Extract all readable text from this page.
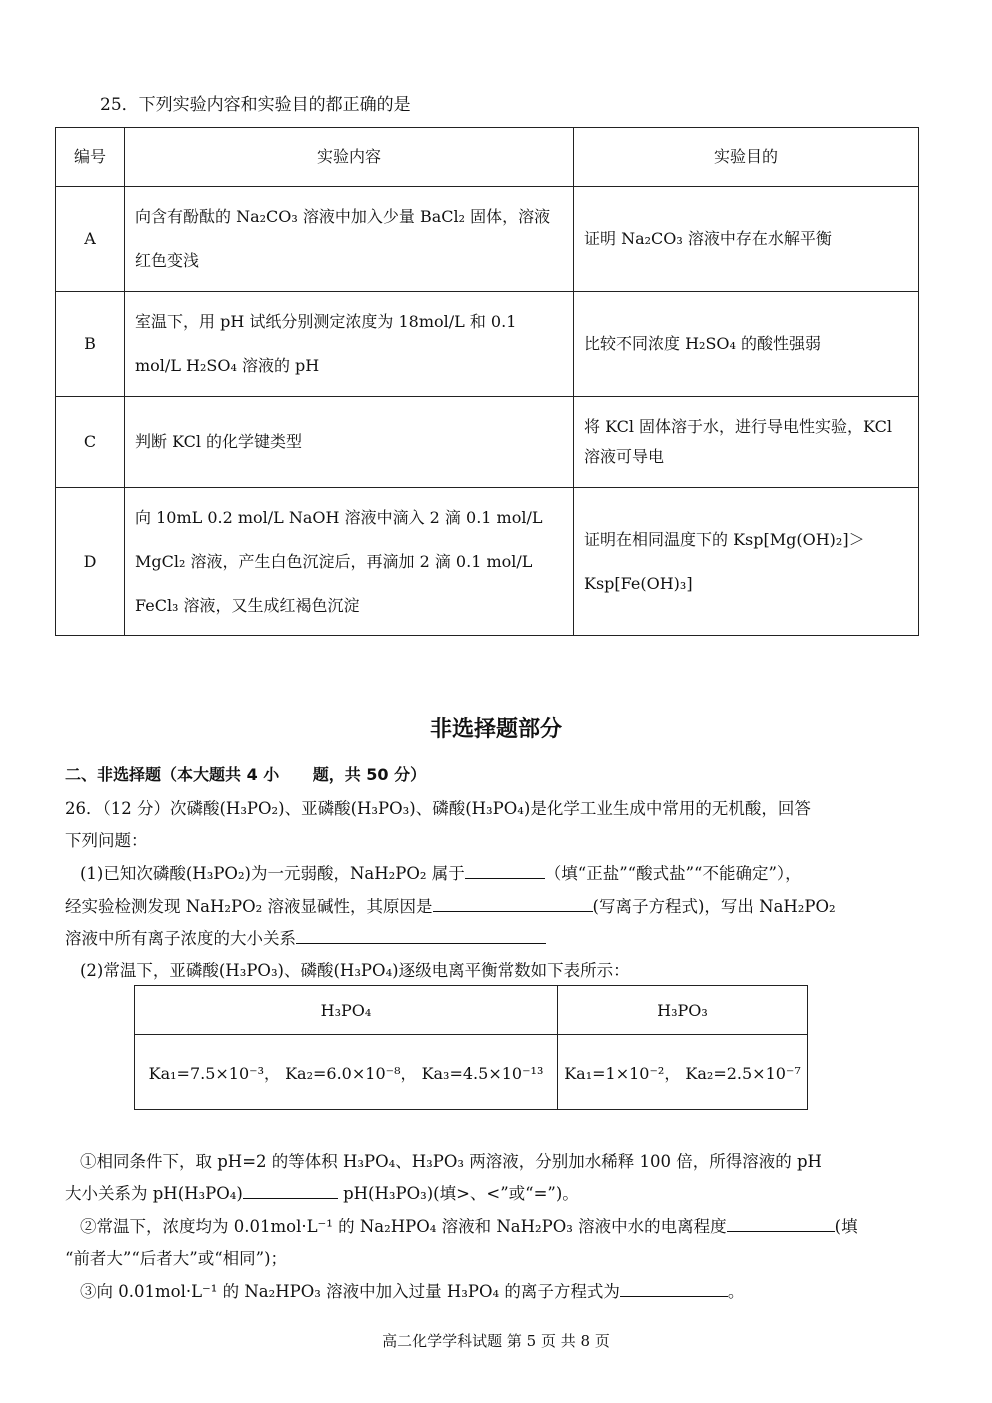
25．下列实验内容和实验目的都正确的是
编号	实验内容	实验目的
A	向含有酚酞的 Na₂CO₃ 溶液中加入少量 BaCl₂ 固体，溶液红色变浅	证明 Na₂CO₃ 溶液中存在水解平衡
B	室温下，用 pH 试纸分别测定浓度为 18mol/L 和 0.1 mol/L H₂SO₄ 溶液的 pH	比较不同浓度 H₂SO₄ 的酸性强弱
C	判断 KCl 的化学键类型	将 KCl 固体溶于水，进行导电性实验，KCl 溶液可导电
D	向 10mL 0.2 mol/L NaOH 溶液中滴入 2 滴 0.1 mol/L MgCl₂ 溶液，产生白色沉淀后，再滴加 2 滴 0.1 mol/L FeCl₃ 溶液，又生成红褐色沉淀	证明在相同温度下的 Ksp[Mg(OH)₂]＞Ksp[Fe(OH)₃]
非选择题部分
二、非选择题（本大题共 4 小      题，共 50 分）
26．（12 分）次磷酸(H₃PO₂)、亚磷酸(H₃PO₃)、磷酸(H₃PO₄)是化学工业生成中常用的无机酸，回答
下列问题：
(1)已知次磷酸(H₃PO₂)为一元弱酸，NaH₂PO₂ 属于	（填“正盐”“酸式盐”“不能确定”），
经实验检测发现 NaH₂PO₂ 溶液显碱性，其原因是	(写离子方程式)，写出 NaH₂PO₂
溶液中所有离子浓度的大小关系
(2)常温下，亚磷酸(H₃PO₃)、磷酸(H₃PO₄)逐级电离平衡常数如下表所示：
H₃PO₄	H₃PO₃
Ka₁=7.5×10⁻³， Ka₂=6.0×10⁻⁸， Ka₃=4.5×10⁻¹³	Ka₁=1×10⁻²， Ka₂=2.5×10⁻⁷
①相同条件下，取 pH=2 的等体积 H₃PO₄、H₃PO₃ 两溶液，分别加水稀释 100 倍，所得溶液的 pH
大小关系为 pH(H₃PO₄)	pH(H₃PO₃)(填>、<”或“=”)。
②常温下，浓度均为 0.01mol·L⁻¹ 的 Na₂HPO₄ 溶液和 NaH₂PO₃ 溶液中水的电离程度	(填
“前者大”“后者大”或“相同”)；
③向 0.01mol·L⁻¹ 的 Na₂HPO₃ 溶液中加入过量 H₃PO₄ 的离子方程式为	。
高二化学学科试题 第 5 页 共 8 页
